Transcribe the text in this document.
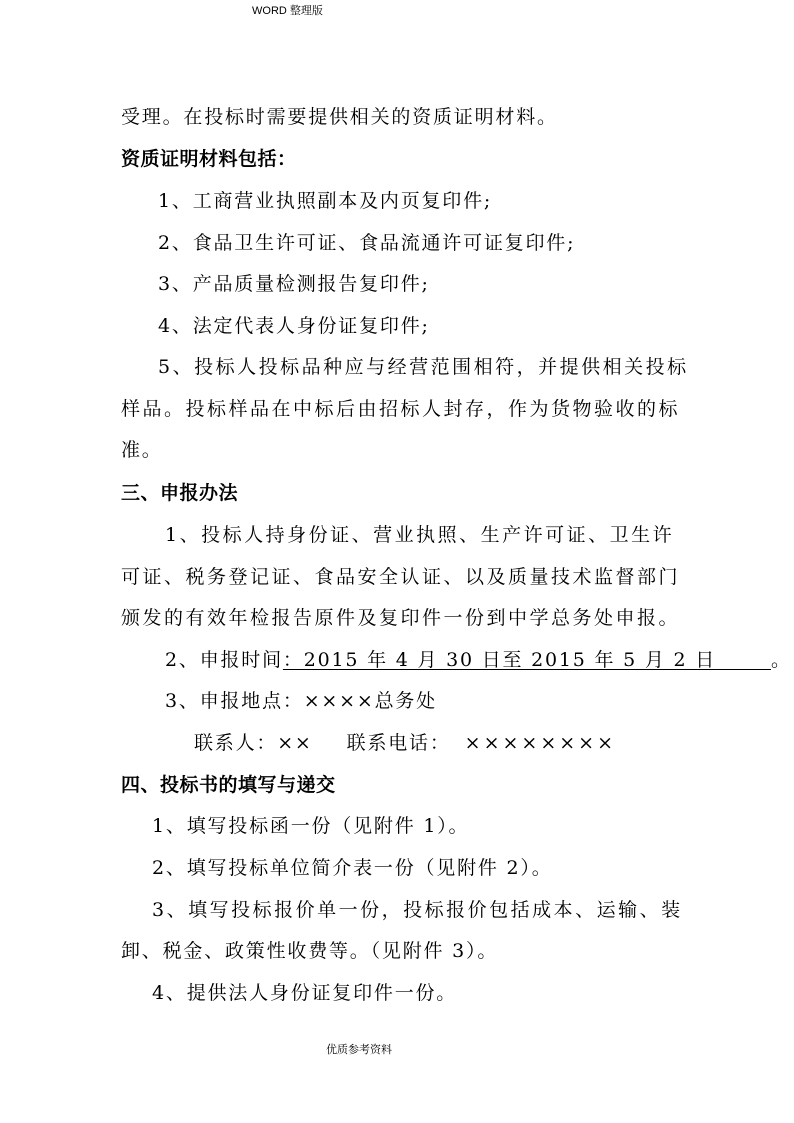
WORD 整理版
受理。在投标时需要提供相关的资质证明材料。
资质证明材料包括：
1、工商营业执照副本及内页复印件;
2、食品卫生许可证、食品流通许可证复印件;
3、产品质量检测报告复印件;
4、法定代表人身份证复印件;
5、投标人投标品种应与经营范围相符，并提供相关投标
样品。投标样品在中标后由招标人封存，作为货物验收的标
准。
三、申报办法
1、投标人持身份证、营业执照、生产许可证、卫生许
可证、税务登记证、食品安全认证、以及质量技术监督部门
颁发的有效年检报告原件及复印件一份到中学总务处申报。
2、申报时间：2015 年 4 月 30 日至 2015 年 5 月 2 日	。
3、申报地点：××××总务处
联系人：×× 联系电话： ××××××××
四、投标书的填写与递交
1、填写投标函一份（见附件 1）。
2、填写投标单位简介表一份（见附件 2）。
3、填写投标报价单一份，投标报价包括成本、运输、装
卸、税金、政策性收费等。（见附件 3）。
4、提供法人身份证复印件一份。
优质参考资料
